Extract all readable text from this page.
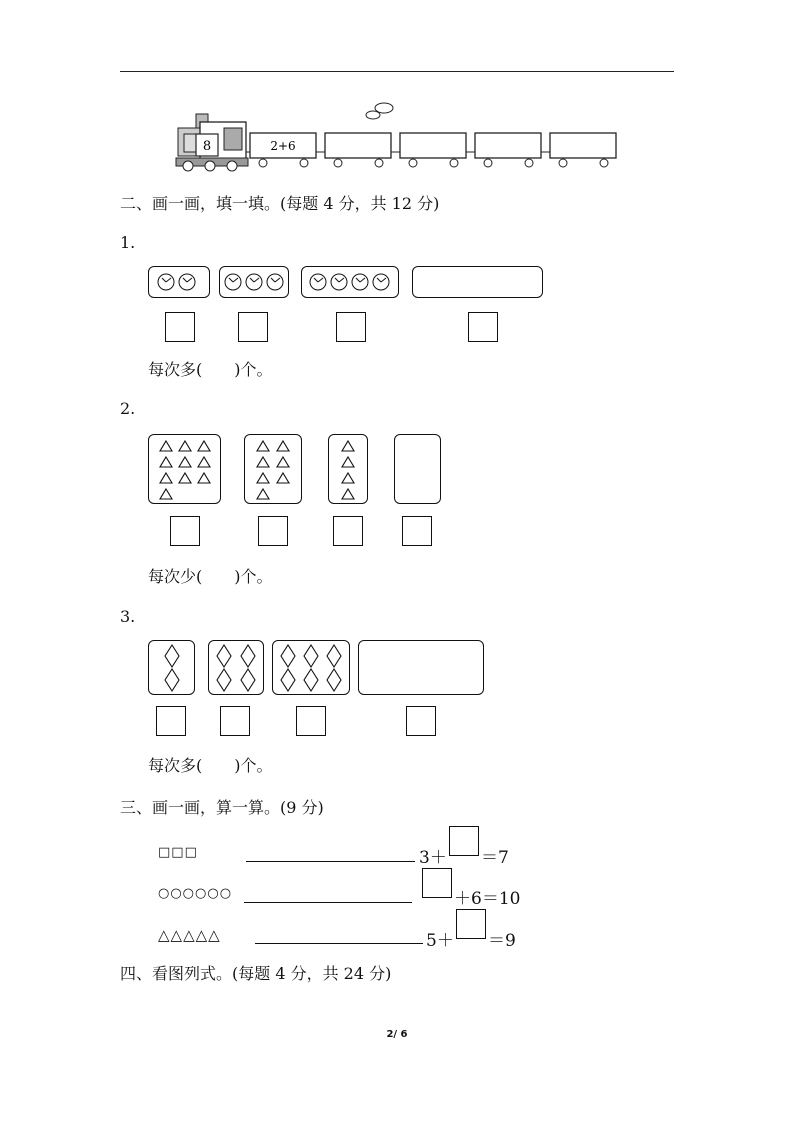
8	2+6
二、画一画，填一填。(每题 4 分，共 12 分)
1.
每次多(　　)个。
2.
每次少(　　)个。
3.
每次多(　　)个。
三、画一画，算一算。(9 分)
□□□	3＋ ＝7
○○○○○○	＋6＝10
△△△△△	5＋ ＝9
四、看图列式。(每题 4 分，共 24 分)
2/ 6
